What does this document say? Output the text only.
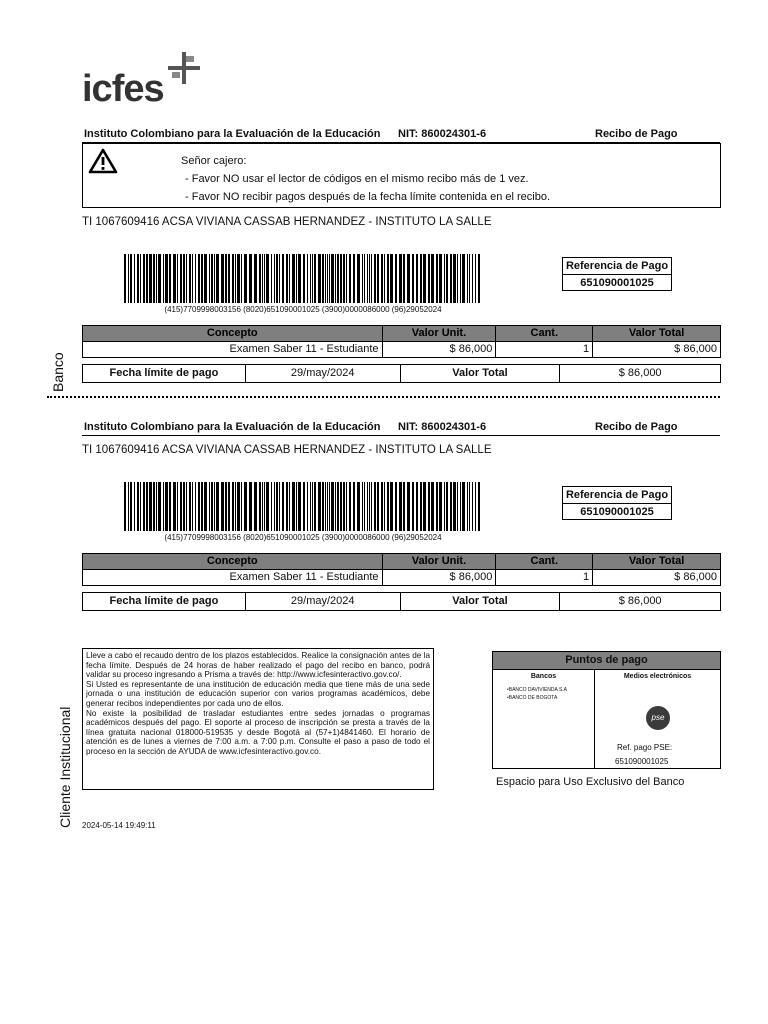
icfes
Instituto Colombiano para la Evaluación de la Educación NIT: 860024301-6	Recibo de Pago
Señor cajero:
- Favor NO usar el lector de códigos en el mismo recibo más de 1 vez.
- Favor NO recibir pagos después de la fecha límite contenida en el recibo.
TI 1067609416 ACSA VIVIANA CASSAB HERNANDEZ - INSTITUTO LA SALLE
(415)7709998003156 (8020)651090001025 (3900)0000086000 (96)29052024
Referencia de Pago
651090001025
Concepto	Valor Unit.	Cant.	Valor Total
Examen Saber 11 - Estudiante	$ 86,000	1	$ 86,000
Fecha límite de pago	29/may/2024	Valor Total	$ 86,000
Banco
Instituto Colombiano para la Evaluación de la Educación NIT: 860024301-6	Recibo de Pago
TI 1067609416 ACSA VIVIANA CASSAB HERNANDEZ - INSTITUTO LA SALLE
(415)7709998003156 (8020)651090001025 (3900)0000086000 (96)29052024
Referencia de Pago
651090001025
Concepto	Valor Unit.	Cant.	Valor Total
Examen Saber 11 - Estudiante	$ 86,000	1	$ 86,000
Fecha límite de pago	29/may/2024	Valor Total	$ 86,000

Lleve a cabo el recaudo dentro de los plazos establecidos. Realice la consignación antes de la fecha límite. Después de 24 horas de haber realizado el pago del recibo en banco, podrá validar su proceso ingresando a Prisma a través de: http://www.icfesinteractivo.gov.co/.

Si Usted es representante de una institución de educación media que tiene más de una sede jornada o una institución de educación superior con varios programas académicos, debe generar recibos independientes por cada uno de ellos.

No existe la posibilidad de trasladar estudiantes entre sedes jornadas o programas académicos después del pago. El soporte al proceso de inscripción se presta a través de la línea gratuita nacional 018000-519535 y desde Bogotá al (57+1)4841460. El horario de atención es de lunes a viernes de 7:00 a.m. a 7:00 p.m. Consulte el paso a paso de todo el proceso en la sección de AYUDA de www.icfesinteractivo.gov.co.

Puntos de pago
Bancos
•BANCO DAVIVIENDA S.A
•BANCO DE BOGOTA
Medios electrónicos
pse
Ref. pago PSE:
651090001025
Espacio para Uso Exclusivo del Banco
Cliente Institucional 2024-05-14 19:49:11
